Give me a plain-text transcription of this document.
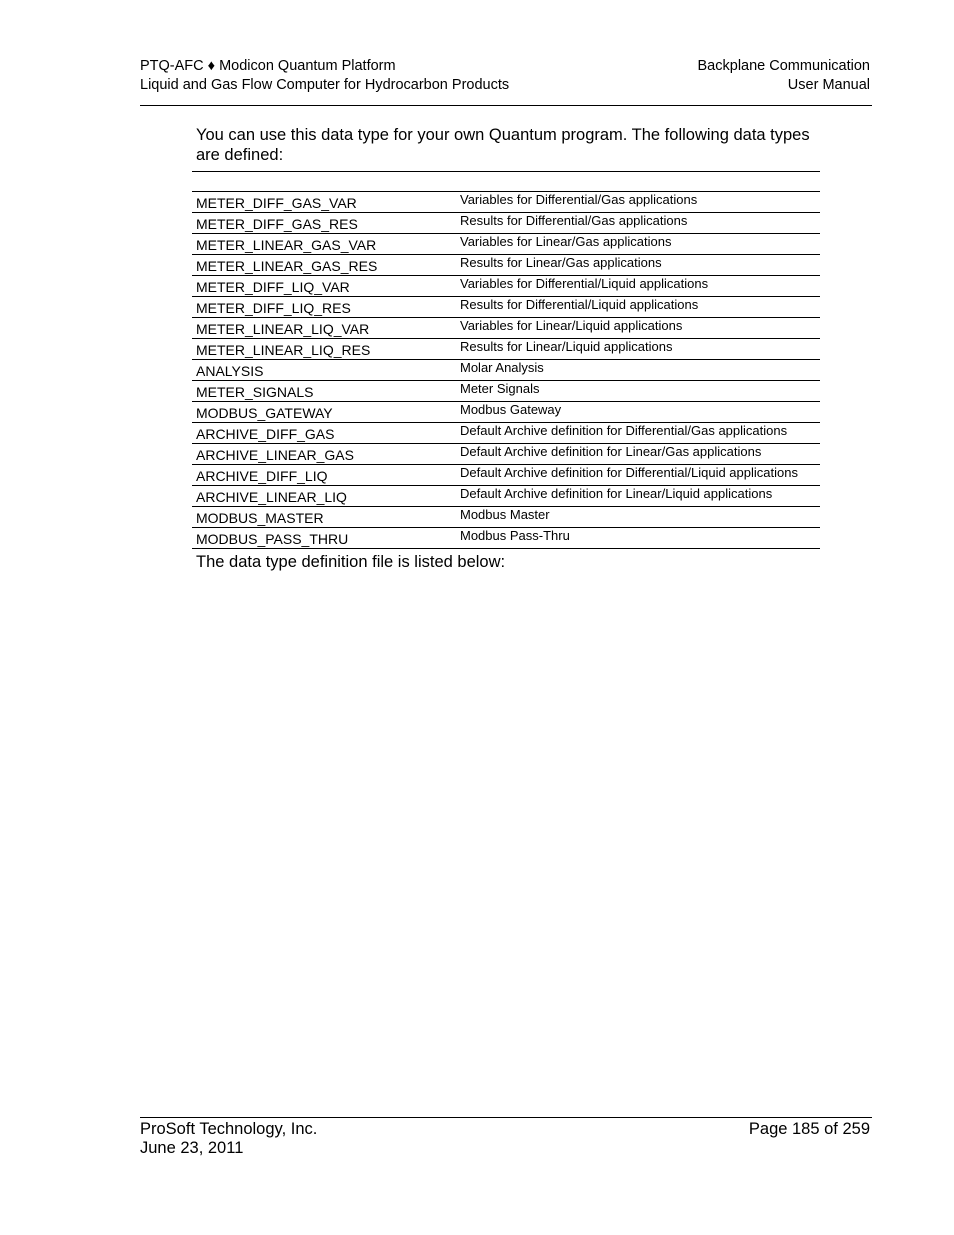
PTQ-AFC ♦ Modicon Quantum Platform
Liquid and Gas Flow Computer for Hydrocarbon Products
Backplane Communication
User Manual

You can use this data type for your own Quantum program. The following data types are defined:

METER_DIFF_GAS_VAR	Variables for Differential/Gas applications
METER_DIFF_GAS_RES	Results for Differential/Gas applications
METER_LINEAR_GAS_VAR	Variables for Linear/Gas applications
METER_LINEAR_GAS_RES	Results for Linear/Gas applications
METER_DIFF_LIQ_VAR	Variables for Differential/Liquid applications
METER_DIFF_LIQ_RES	Results for Differential/Liquid applications
METER_LINEAR_LIQ_VAR	Variables for Linear/Liquid applications
METER_LINEAR_LIQ_RES	Results for Linear/Liquid applications
ANALYSIS	Molar Analysis
METER_SIGNALS	Meter Signals
MODBUS_GATEWAY	Modbus Gateway
ARCHIVE_DIFF_GAS	Default Archive definition for Differential/Gas applications
ARCHIVE_LINEAR_GAS	Default Archive definition for Linear/Gas applications
ARCHIVE_DIFF_LIQ	Default Archive definition for Differential/Liquid applications
ARCHIVE_LINEAR_LIQ	Default Archive definition for Linear/Liquid applications
MODBUS_MASTER	Modbus Master
MODBUS_PASS_THRU	Modbus Pass-Thru

The data type definition file is listed below:

ProSoft Technology, Inc.
June 23, 2011
Page 185 of 259
